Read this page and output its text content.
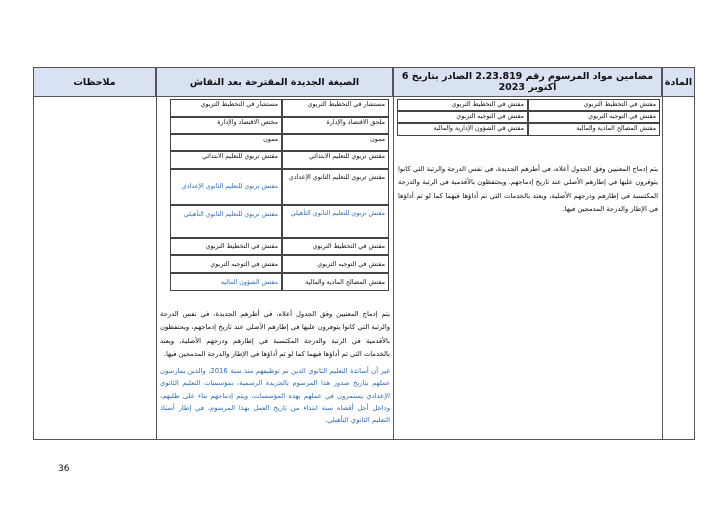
المادة
مضامين مواد المرسوم رقم 2.23.819 الصادر بتاريخ 6 أكتوبر 2023
الصيغة الجديدة المقترحة بعد النقاش
ملاحظات
مفتش في التخطيط التربوي
مفتش في التخطيط التربوي
مفتش في التوجيه التربوي
مفتش في التوجيه التربوي
مفتش المصالح المادية والمالية
مفتش في الشؤون الإدارية والمالية
يتم إدماج المعنيين وفق الجدول أعلاه، في أطرهم الجديدة، في نفس الدرجة والرتبة التي كانوا يتوفرون عليها في إطارهم الأصلي عند تاريخ إدماجهم. ويحتفظون بالأقدمية في الرتبة والدرجة المكتسبة في إطارهم ودرجهم الأصلية، ويعتد بالخدمات التي تم أداؤها فيهما كما لو تم أداؤها في الإطار والدرجة المدمجين فيها.
مستشار في التخطيط التربوي
مستشار في التخطيط التربوي
ملحق الاقتصاد والإدارة
مختص الاقتصاد والإدارة
ممون
ممون
مفتش تربوي للتعليم الابتدائي
مفتش تربوي للتعليم الابتدائي
مفتش تربوي للتعليم الثانوي الإعدادي
مفتش تربوي للتعليم الثانوي الإعدادي
مفتش تربوي للتعليم الثانوي التأهيلي
مفتش تربوي للتعليم الثانوي التأهيلي
مفتش في التخطيط التربوي
مفتش في التخطيط التربوي
مفتش في التوجيه التربوي
مفتش في التوجيه التربوي
مفتش المصالح المادية والمالية
مفتش الشؤون المالية
يتم إدماج المعنيين وفق الجدول أعلاه، في أطرهم الجديدة، في نفس الدرجة والرتبة التي كانوا يتوفرون عليها في إطارهم الأصلي عند تاريخ إدماجهم، ويحتفظون بالأقدمية في الرتبة والدرجة المكتسبة في إطارهم ودرجهم الأصلية، ويعتد بالخدمات التي تم أداؤها فيهما كما لو تم أداؤها في الإطار والدرجة المدمجين فيها.
غير أن أساتذة التعليم الثانوي الذين تم توظيفهم منذ سنة 2016، والذين يمارسون عملهم بتاريخ صدور هذا المرسوم بالجريدة الرسمية، بمؤسسات التعليم الثانوي الإعدادي يستمرون في عملهم بهذه المؤسسات، ويتم إدماجهم بناء على طلبهم، وداخل أجل أقصاه سنة ابتداء من تاريخ العمل بهذا المرسوم، في إطار أستاذ التعليم الثانوي التأهيلي.
36
